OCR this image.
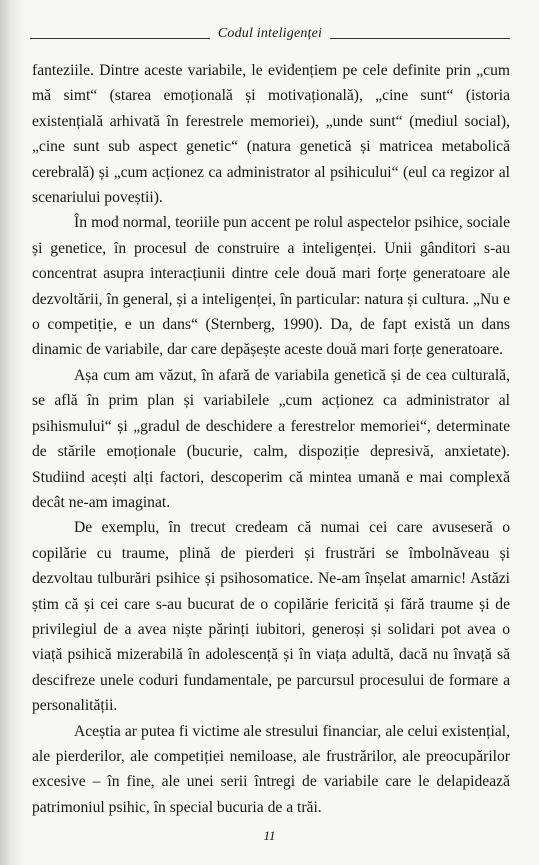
Codul inteligenței

fanteziile. Dintre aceste variabile, le evidențiem pe cele definite prin „cum mă simt“ (starea emoțională și motivațională), „cine sunt“ (istoria existențială arhivată în ferestrele memoriei), „unde sunt“ (mediul social), „cine sunt sub aspect genetic“ (natura genetică și matricea metabolică cerebrală) și „cum acționez ca administrator al psihicului“ (eul ca regizor al scenariului poveștii).

În mod normal, teoriile pun accent pe rolul aspectelor psihice, sociale și genetice, în procesul de construire a inteligenței. Unii gânditori s-au concentrat asupra interacțiunii dintre cele două mari forțe generatoare ale dezvoltării, în general, și a inteligenței, în particular: natura și cultura. „Nu e o competiție, e un dans“ (Sternberg, 1990). Da, de fapt există un dans dinamic de variabile, dar care depășește aceste două mari forțe generatoare.

Așa cum am văzut, în afară de variabila genetică și de cea culturală, se află în prim plan și variabilele „cum acționez ca administrator al psihismului“ și „gradul de deschidere a ferestrelor memoriei“, determinate de stările emoționale (bucurie, calm, dispoziție depresivă, anxietate). Studiind acești alți factori, descoperim că mintea umană e mai complexă decât ne-am imaginat.

De exemplu, în trecut credeam că numai cei care avuseseră o copilărie cu traume, plină de pierderi și frustrări se îmbolnăveau și dezvoltau tulburări psihice și psihosomatice. Ne-am înșelat amarnic! Astăzi știm că și cei care s-au bucurat de o copilărie fericită și fără traume și de privilegiul de a avea niște părinți iubitori, generoși și solidari pot avea o viață psihică mizerabilă în adolescență și în viața adultă, dacă nu învață să descifreze unele coduri fundamentale, pe parcursul procesului de formare a personalității.

Aceștia ar putea fi victime ale stresului financiar, ale celui existențial, ale pierderilor, ale competiției nemiloase, ale frustrărilor, ale preocupărilor excesive – în fine, ale unei serii întregi de variabile care le delapidează patrimoniul psihic, în special bucuria de a trăi.

11
